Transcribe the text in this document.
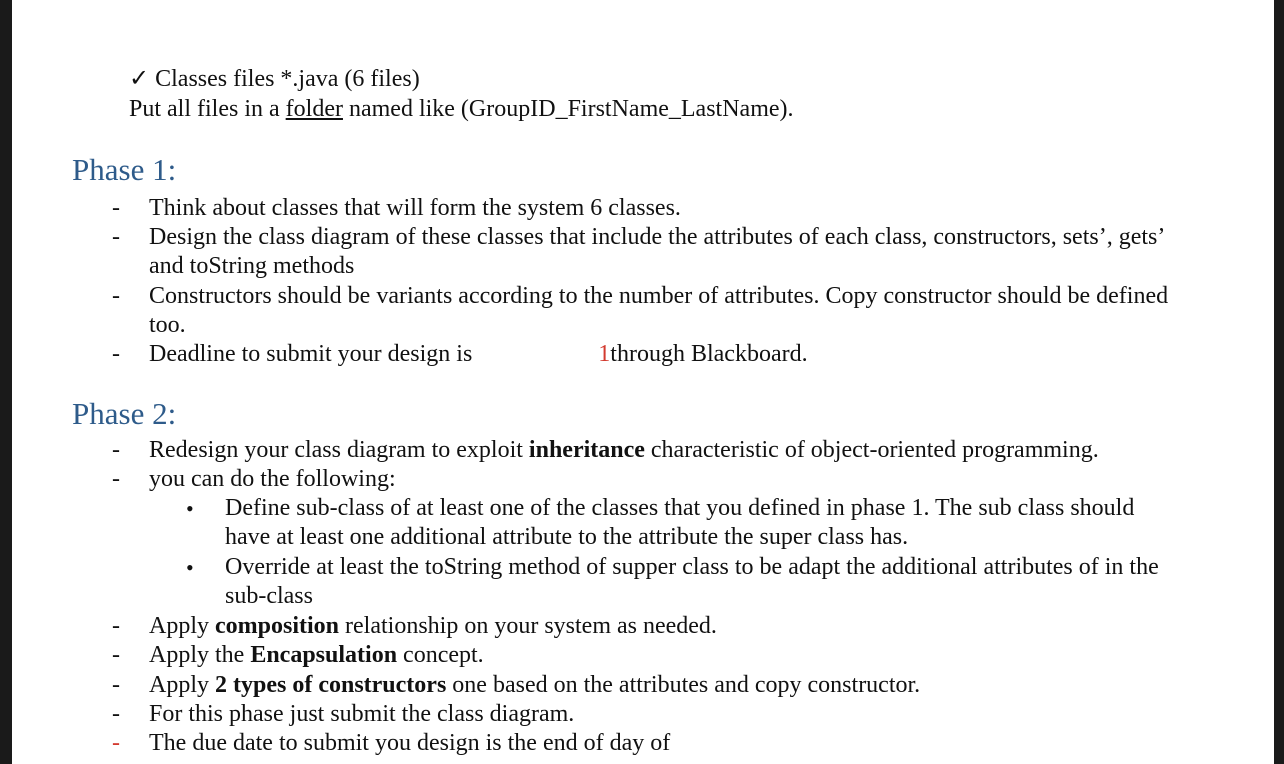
✓ Classes files *.java (6 files)
Put all files in a folder named like (GroupID_FirstName_LastName).
Phase 1:
- Think about classes that will form the system 6 classes.
- Design the class diagram of these classes that include the attributes of each class, constructors, sets’, gets’
and toString methods
- Constructors should be variants according to the number of attributes. Copy constructor should be defined
too.
- Deadline to submit your design is	1through Blackboard.
Phase 2:
- Redesign your class diagram to exploit inheritance characteristic of object-oriented programming.
- you can do the following:
• Define sub-class of at least one of the classes that you defined in phase 1. The sub class should
have at least one additional attribute to the attribute the super class has.
• Override at least the toString method of supper class to be adapt the additional attributes of in the
sub-class
- Apply composition relationship on your system as needed.
- Apply the Encapsulation concept.
- Apply 2 types of constructors one based on the attributes and copy constructor.
- For this phase just submit the class diagram.
- The due date to submit you design is the end of day of
